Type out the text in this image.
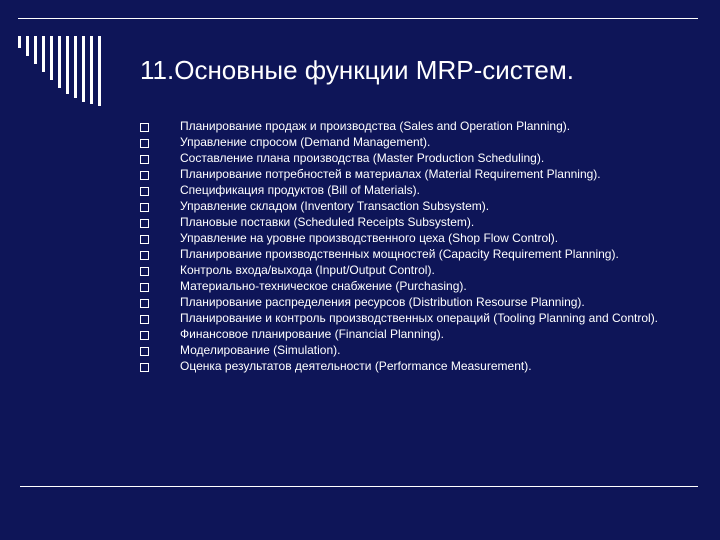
11.Основные функции MRP-систем.
Планирование продаж и производства (Sales and Operation Planning).
Управление спросом (Demand Management).
Составление плана производства (Master Production Scheduling).
Планирование потребностей в материалах (Material Requirement Planning).
Спецификация продуктов (Bill of Materials).
Управление складом (Inventory Transaction Subsystem).
Плановые поставки (Scheduled Receipts Subsystem).
Управление на уровне производственного цеха (Shop Flow Control).
Планирование производственных мощностей (Capacity Requirement Planning).
Контроль входа/выхода (Input/Output Control).
Материально-техническое снабжение (Purchasing).
Планирование распределения ресурсов (Distribution Resourse Planning).
Планирование и контроль производственных операций (Tooling Planning and Control).
Финансовое планирование (Financial Planning).
Моделирование (Simulation).
Оценка результатов деятельности (Performance Measurement).
